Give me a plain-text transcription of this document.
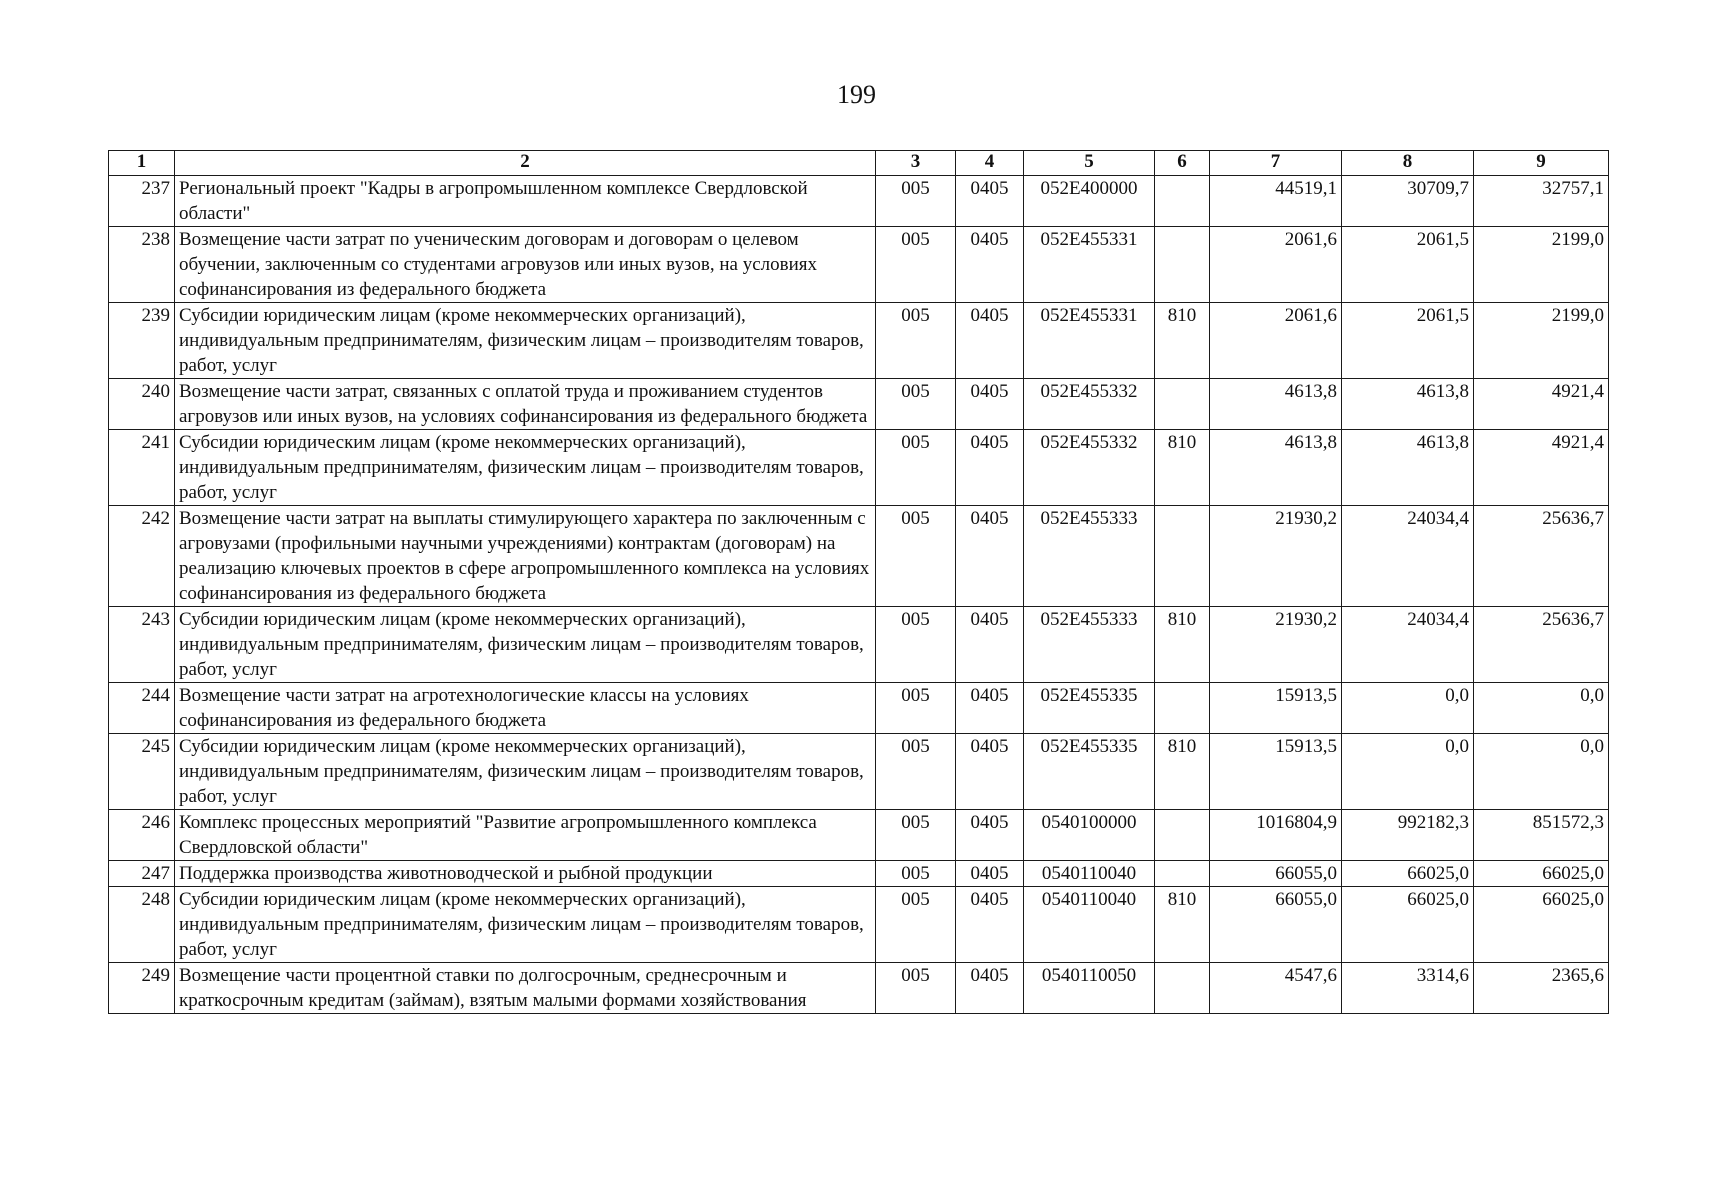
199
1	2	3	4	5	6	7	8	9
237	Региональный проект "Кадры в агропромышленном комплексе Свердловской области"	005	0405	052E400000		44519,1	30709,7	32757,1
238	Возмещение части затрат по ученическим договорам и договорам о целевом обучении, заключенным со студентами агровузов или иных вузов, на условиях софинансирования из федерального бюджета	005	0405	052E455331		2061,6	2061,5	2199,0
239	Субсидии юридическим лицам (кроме некоммерческих организаций), индивидуальным предпринимателям, физическим лицам – производителям товаров, работ, услуг	005	0405	052E455331	810	2061,6	2061,5	2199,0
240	Возмещение части затрат, связанных с оплатой труда и проживанием студентов агровузов или иных вузов, на условиях софинансирования из федерального бюджета	005	0405	052E455332		4613,8	4613,8	4921,4
241	Субсидии юридическим лицам (кроме некоммерческих организаций), индивидуальным предпринимателям, физическим лицам – производителям товаров, работ, услуг	005	0405	052E455332	810	4613,8	4613,8	4921,4
242	Возмещение части затрат на выплаты стимулирующего характера по заключенным с агровузами (профильными научными учреждениями) контрактам (договорам) на реализацию ключевых проектов в сфере агропромышленного комплекса на условиях софинансирования из федерального бюджета	005	0405	052E455333		21930,2	24034,4	25636,7
243	Субсидии юридическим лицам (кроме некоммерческих организаций), индивидуальным предпринимателям, физическим лицам – производителям товаров, работ, услуг	005	0405	052E455333	810	21930,2	24034,4	25636,7
244	Возмещение части затрат на агротехнологические классы на условиях софинансирования из федерального бюджета	005	0405	052E455335		15913,5	0,0	0,0
245	Субсидии юридическим лицам (кроме некоммерческих организаций), индивидуальным предпринимателям, физическим лицам – производителям товаров, работ, услуг	005	0405	052E455335	810	15913,5	0,0	0,0
246	Комплекс процессных мероприятий "Развитие агропромышленного комплекса Свердловской области"	005	0405	0540100000		1016804,9	992182,3	851572,3
247	Поддержка производства животноводческой и рыбной продукции	005	0405	0540110040		66055,0	66025,0	66025,0
248	Субсидии юридическим лицам (кроме некоммерческих организаций), индивидуальным предпринимателям, физическим лицам – производителям товаров, работ, услуг	005	0405	0540110040	810	66055,0	66025,0	66025,0
249	Возмещение части процентной ставки по долгосрочным, среднесрочным и краткосрочным кредитам (займам), взятым малыми формами хозяйствования	005	0405	0540110050		4547,6	3314,6	2365,6
